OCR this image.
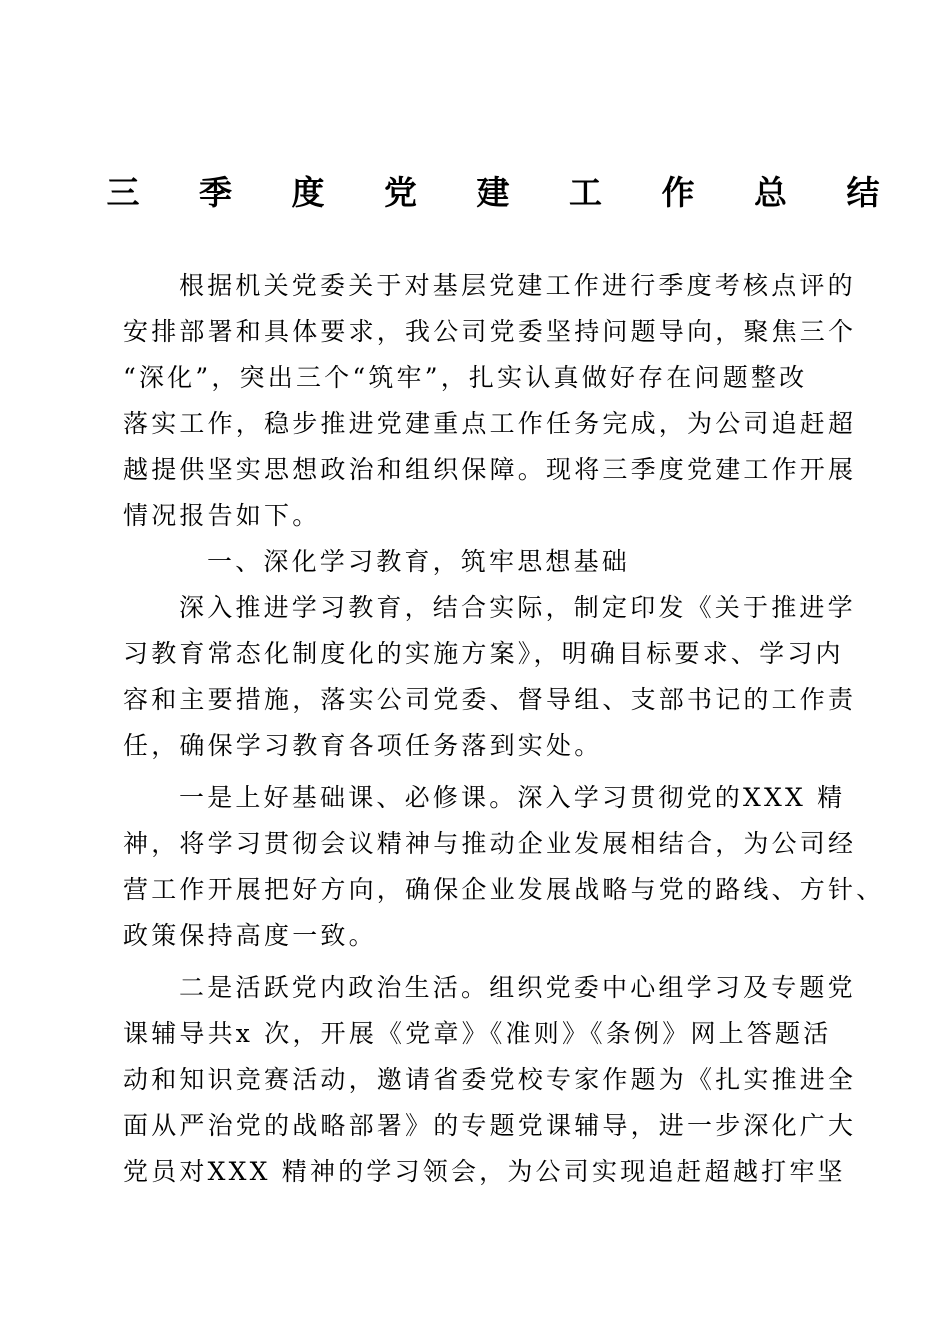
三 季 度 党 建 工 作 总 结
根据机关党委关于对基层党建工作进行季度考核点评的
安排部署和具体要求，我公司党委坚持问题导向，聚焦三个
“深化”，突出三个“筑牢”，扎实认真做好存在问题整改
落实工作，稳步推进党建重点工作任务完成，为公司追赶超
越提供坚实思想政治和组织保障。现将三季度党建工作开展
情况报告如下。
一、深化学习教育，筑牢思想基础
深入推进学习教育，结合实际，制定印发《关于推进学
习教育常态化制度化的实施方案》，明确目标要求、学习内
容和主要措施，落实公司党委、督导组、支部书记的工作责
任，确保学习教育各项任务落到实处。
一是上好基础课、必修课。深入学习贯彻党的XXX 精
神，将学习贯彻会议精神与推动企业发展相结合，为公司经
营工作开展把好方向，确保企业发展战略与党的路线、方针、
政策保持高度一致。
二是活跃党内政治生活。组织党委中心组学习及专题党
课辅导共x 次，开展《党章》《准则》《条例》网上答题活
动和知识竞赛活动，邀请省委党校专家作题为《扎实推进全
面从严治党的战略部署》的专题党课辅导，进一步深化广大
党员对XXX 精神的学习领会，为公司实现追赶超越打牢坚
